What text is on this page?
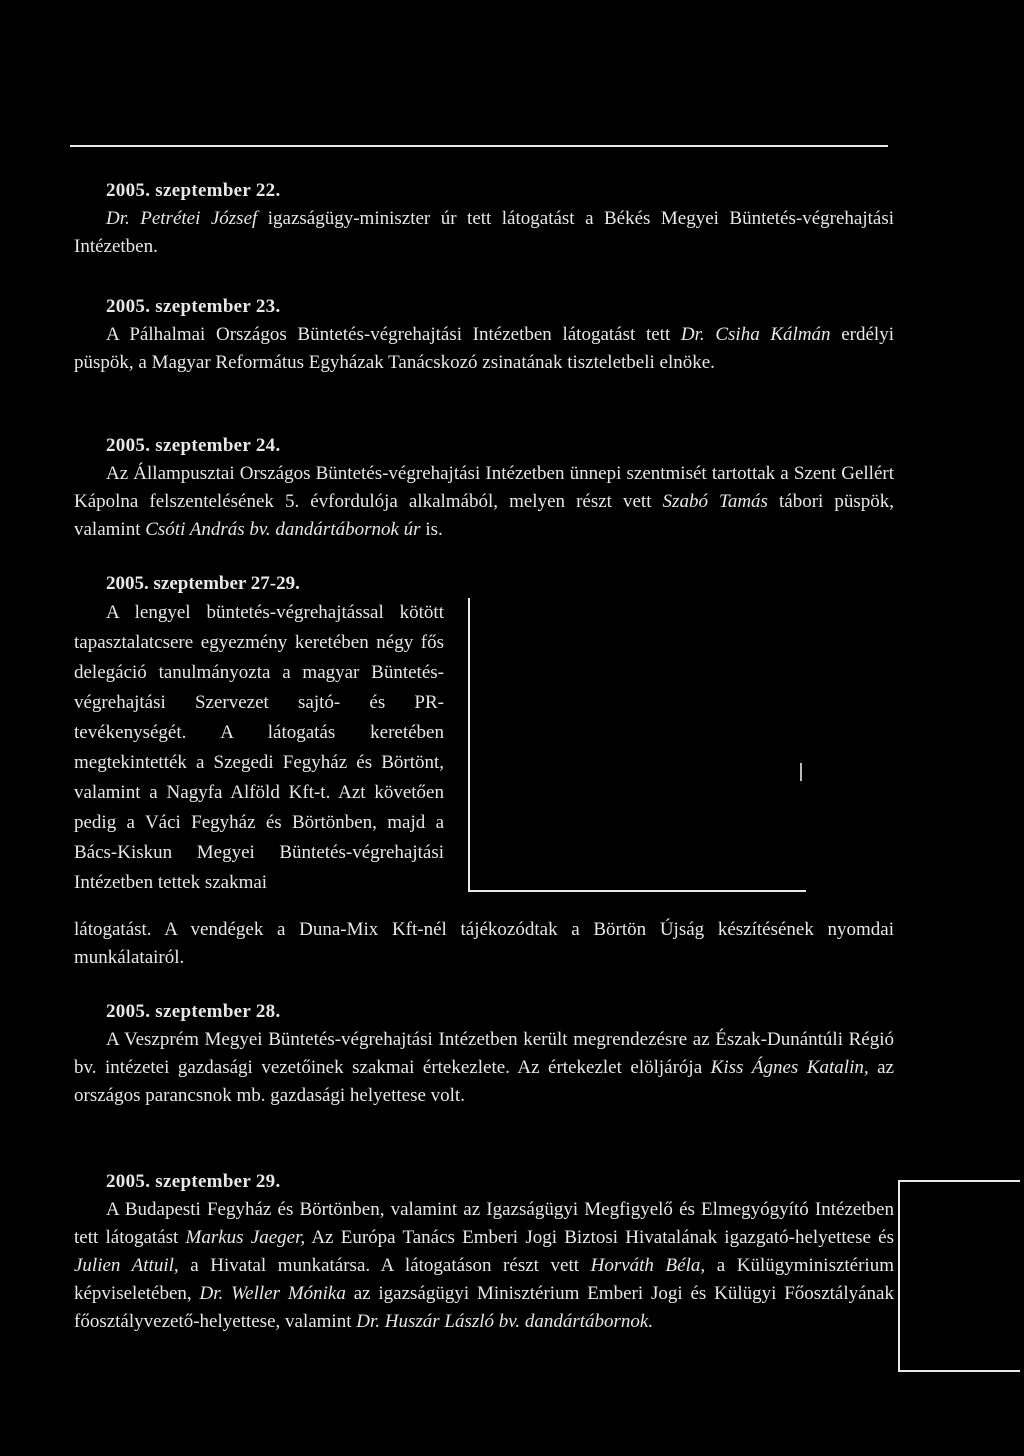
2005. szeptember 22.
Dr. Petrétei József igazságügy-miniszter úr tett látogatást a Békés Megyei Büntetés-végrehajtási Intézetben.
2005. szeptember 23.
A Pálhalmai Országos Büntetés-végrehajtási Intézetben látogatást tett Dr. Csiha Kálmán erdélyi püspök, a Magyar Református Egyházak Tanácskozó zsinatának tiszteletbeli elnöke.
2005. szeptember 24.
Az Állampusztai Országos Büntetés-végrehajtási Intézetben ünnepi szentmisét tartottak a Szent Gellért Kápolna felszentelésének 5. évfordulója alkalmából, melyen részt vett Szabó Tamás tábori püspök, valamint Csóti András bv. dandártábornok úr is.
2005. szeptember 27-29.
A lengyel büntetés-végrehajtással kötött tapasztalatcsere egyezmény keretében négy fős delegáció tanulmányozta a magyar Büntetés-végrehajtási Szervezet sajtó- és PR-tevékenységét. A látogatás keretében megtekintették a Szegedi Fegyház és Börtönt, valamint a Nagyfa Alföld Kft-t. Azt követően pedig a Váci Fegyház és Börtönben, majd a Bács-Kiskun Megyei Büntetés-végrehajtási Intézetben tettek szakmai
látogatást. A vendégek a Duna-Mix Kft-nél tájékozódtak a Börtön Újság készítésének nyomdai munkálatairól.
2005. szeptember 28.
A Veszprém Megyei Büntetés-végrehajtási Intézetben került megrendezésre az Észak-Dunántúli Régió bv. intézetei gazdasági vezetőinek szakmai értekezlete. Az értekezlet elöljárója Kiss Ágnes Katalin, az országos parancsnok mb. gazdasági helyettese volt.
2005. szeptember 29.
A Budapesti Fegyház és Börtönben, valamint az Igazságügyi Megfigyelő és Elmegyógyító Intézetben tett látogatást Markus Jaeger, Az Európa Tanács Emberi Jogi Biztosi Hivatalának igazgató-helyettese és Julien Attuil, a Hivatal munkatársa. A látogatáson részt vett Horváth Béla, a Külügyminisztérium képviseletében, Dr. Weller Mónika az igazságügyi Minisztérium Emberi Jogi és Külügyi Főosztályának főosztályvezető-helyettese, valamint Dr. Huszár László bv. dandártábornok.
